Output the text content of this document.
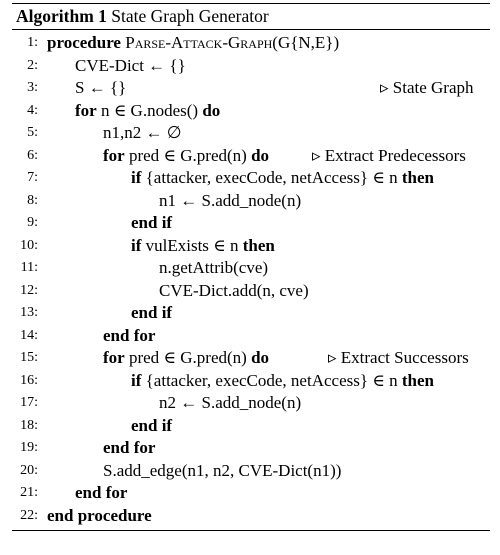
Algorithm 1 State Graph Generator
1: procedure Parse-Attack-Graph(G{N,E})
2: CVE-Dict ← {}
3: S ← {}	▹ State Graph
4: for n ∈ G.nodes() do
5:	n1,n2 ← ∅
6:	for pred ∈ G.pred(n) do	▹ Extract Predecessors
7:	if {attacker, execCode, netAccess} ∈ n then
8:	n1 ← S.add_node(n)
9:	end if
10:	if vulExists ∈ n then
11:	n.getAttrib(cve)
12:	CVE-Dict.add(n, cve)
13:	end if
14:	end for
15:	for pred ∈ G.pred(n) do	▹ Extract Successors
16:	if {attacker, execCode, netAccess} ∈ n then
17:	n2 ← S.add_node(n)
18:	end if
19:	end for
20:	S.add_edge(n1, n2, CVE-Dict(n1))
21: end for
22: end procedure
